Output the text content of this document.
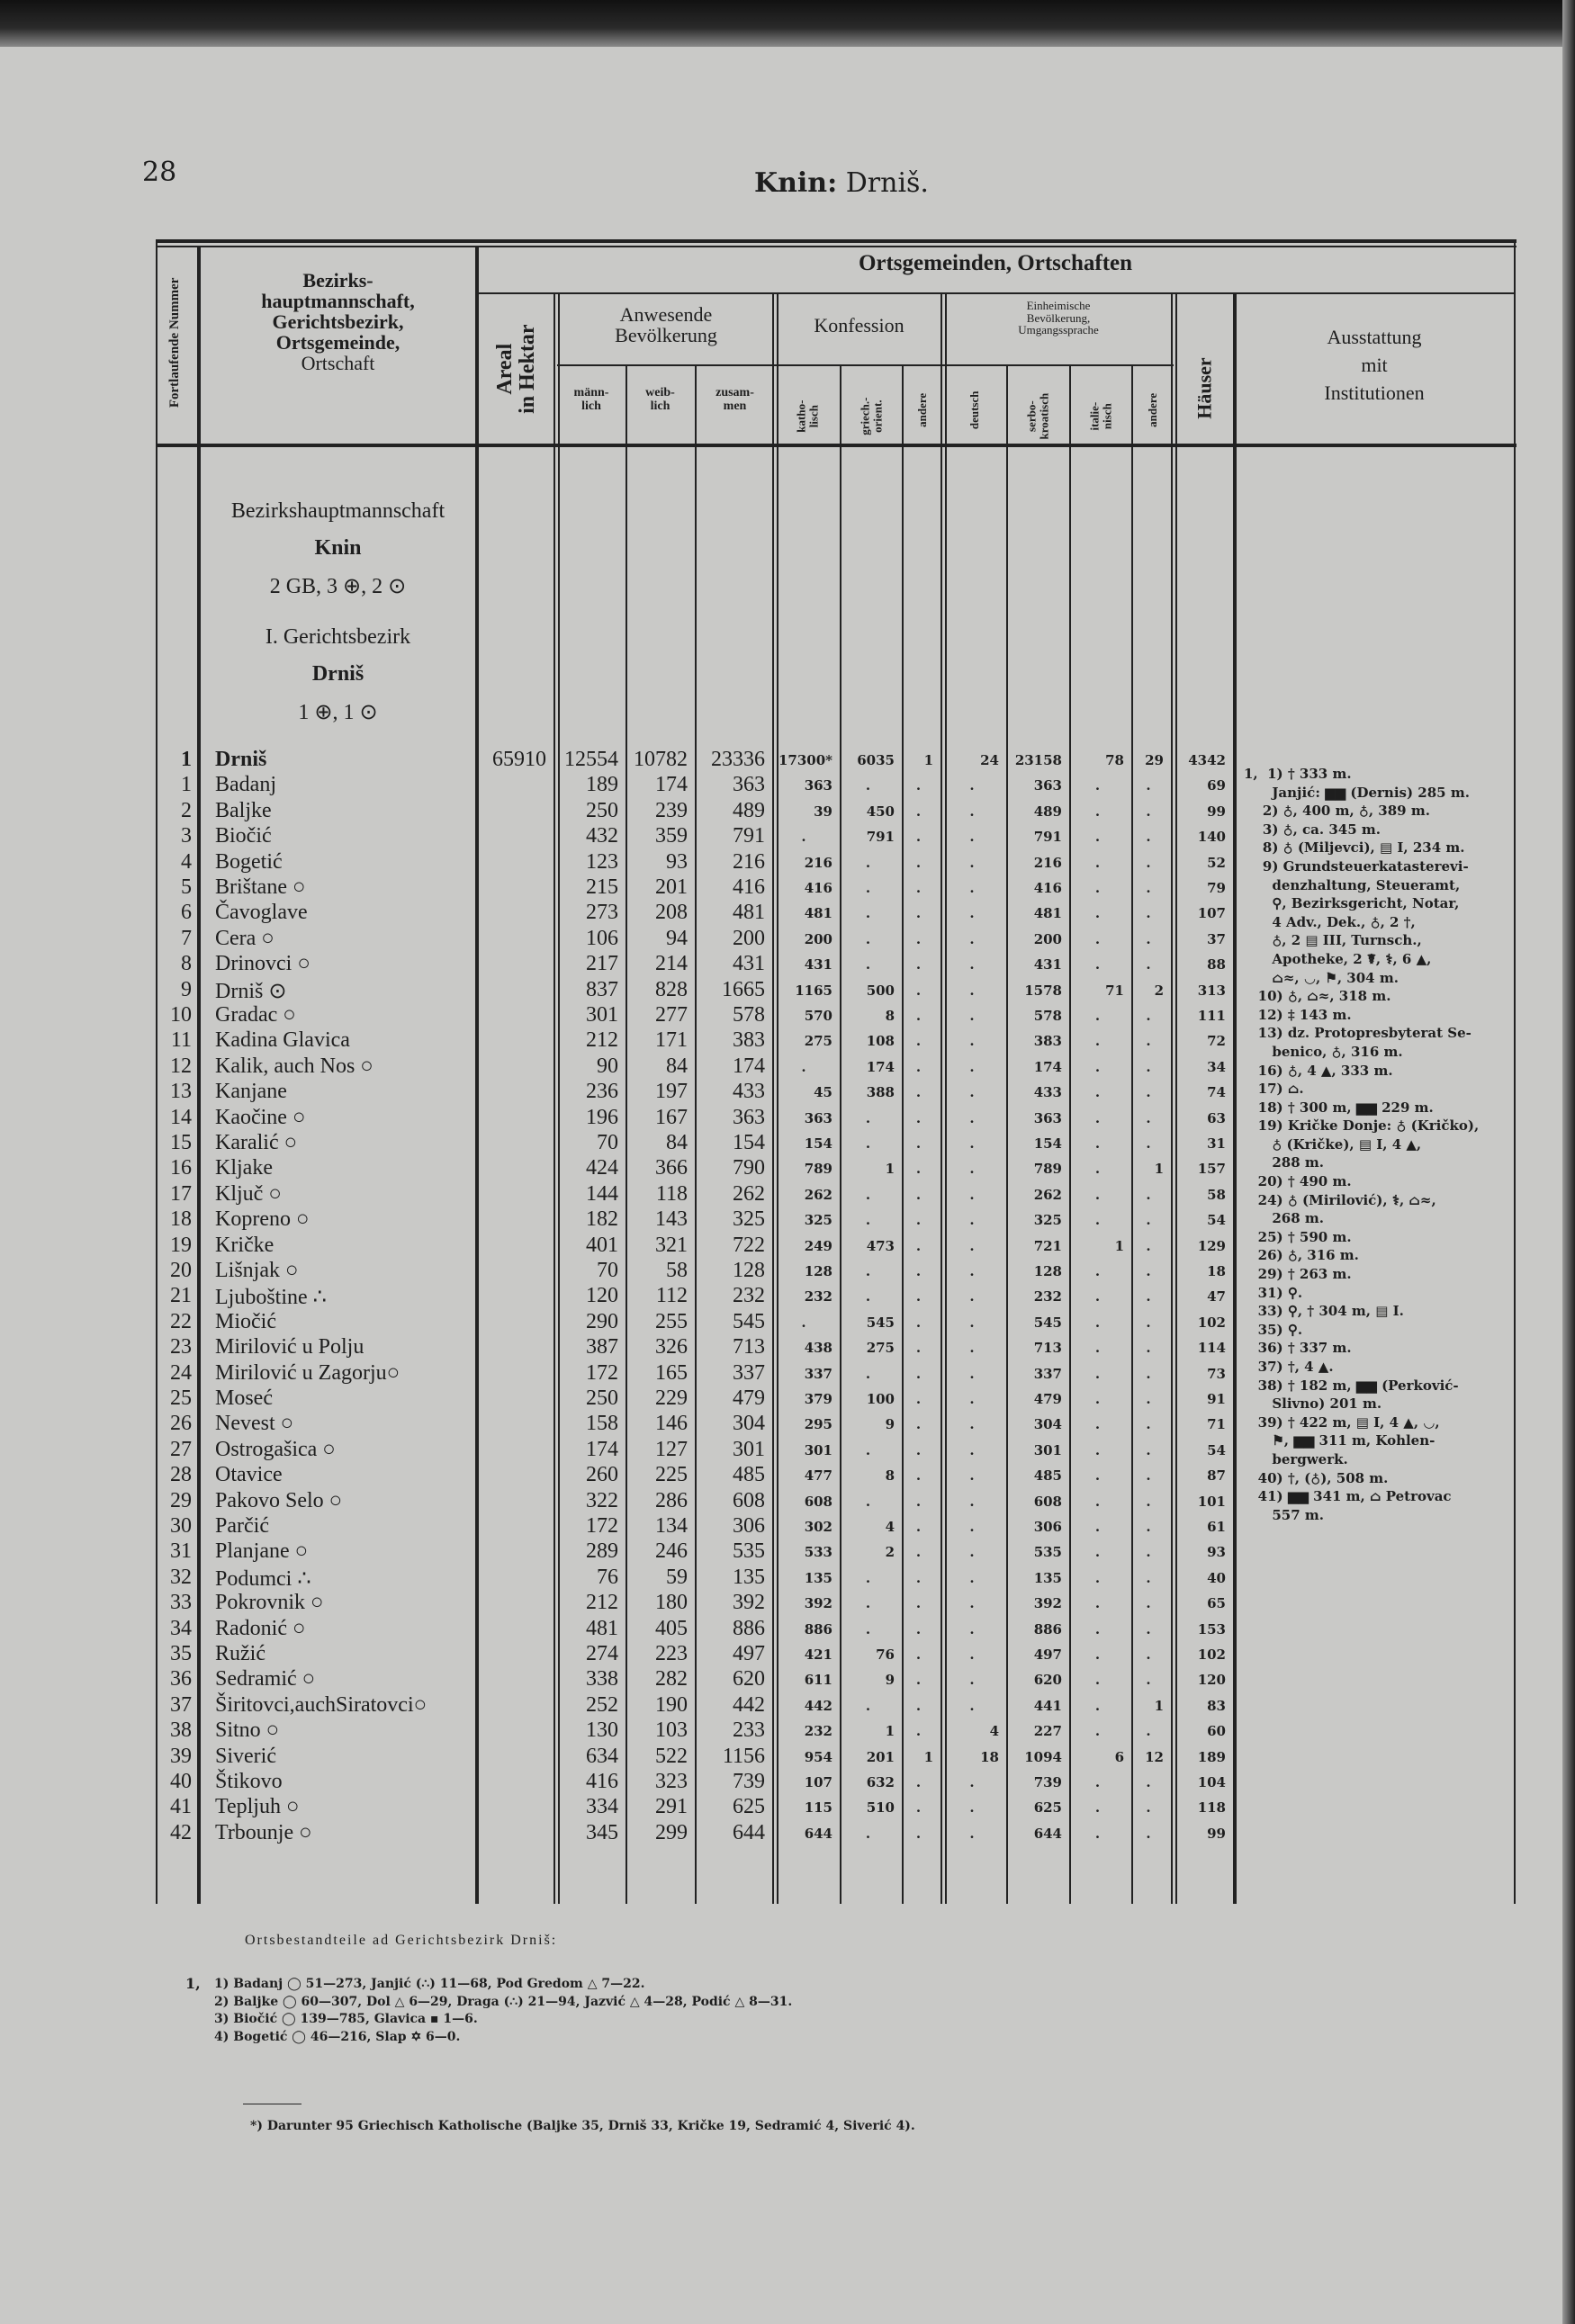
28	Knin: Drniš.
Fortlaufende Nummer	Bezirks-
hauptmannschaft,
Gerichtsbezirk,
Ortsgemeinde,
Ortschaft
Ortsgemeinden, Ortschaften
Areal in Hektar
Anwesende
Bevölkerung	Konfession
Einheimische
Bevölkerung,
Umgangssprache
Häuser
Ausstattung
mit
Institutionen
männ-
lich
weib-
lich
zusam-
men	katho-
lisch	griech.-
orient.	andere	deutsch	serbo-
kroatisch	italie-
nisch	andere
Bezirkshauptmannschaft
Knin
2 GB, 3 ⊕, 2 ⊙
I. Gerichtsbezirk
Drniš
1 ⊕, 1 ⊙
1 Drniš	65910 12554 10782	23336 17300*	6035	1	24	23158	78	29	4342
1 Badanj	189	174	363	363	.	.	.	363	.	.	69
2 Baljke	250	239	489	39	450	.	.	489	.	.	99
3 Biočić	432	359	791	.	791	.	.	791	.	.	140
4 Bogetić	123	93	216	216	.	.	.	216	.	.	52
5 Brištane ○	215	201	416	416	.	.	.	416	.	.	79
6 Čavoglave	273	208	481	481	.	.	.	481	.	.	107
7 Cera ○	106	94	200	200	.	.	.	200	.	.	37
8 Drinovci ○	217	214	431	431	.	.	.	431	.	.	88
9 Drniš ⊙	837	828	1665	1165	500	.	.	1578	71	2	313
10 Gradac ○	301	277	578	570	8	.	.	578	.	.	111
11 Kadina Glavica	212	171	383	275	108	.	.	383	.	.	72
12 Kalik, auch Nos ○	90	84	174	.	174	.	.	174	.	.	34
13 Kanjane	236	197	433	45	388	.	.	433	.	.	74
14 Kaočine ○	196	167	363	363	.	.	.	363	.	.	63
15 Karalić ○	70	84	154	154	.	.	.	154	.	.	31
16 Kljake	424	366	790	789	1	.	.	789	.	1	157
17 Ključ ○	144	118	262	262	.	.	.	262	.	.	58
18 Kopreno ○	182	143	325	325	.	.	.	325	.	.	54
19 Kričke	401	321	722	249	473	.	.	721	1	.	129
20 Lišnjak ○	70	58	128	128	.	.	.	128	.	.	18
21 Ljuboštine ∴	120	112	232	232	.	.	.	232	.	.	47
22 Miočić	290	255	545	.	545	.	.	545	.	.	102
23 Mirilović u Polju	387	326	713	438	275	.	.	713	.	.	114
24 Mirilović u Zagorju○	172	165	337	337	.	.	.	337	.	.	73
25 Moseć	250	229	479	379	100	.	.	479	.	.	91
26 Nevest ○	158	146	304	295	9	.	.	304	.	.	71
27 Ostrogašica ○	174	127	301	301	.	.	.	301	.	.	54
28 Otavice	260	225	485	477	8	.	.	485	.	.	87
29 Pakovo Selo ○	322	286	608	608	.	.	.	608	.	.	101
30 Parčić	172	134	306	302	4	.	.	306	.	.	61
31 Planjane ○	289	246	535	533	2	.	.	535	.	.	93
32 Podumci ∴	76	59	135	135	.	.	.	135	.	.	40
33 Pokrovnik ○	212	180	392	392	.	.	.	392	.	.	65
34 Radonić ○	481	405	886	886	.	.	.	886	.	.	153
35 Ružić	274	223	497	421	76	.	.	497	.	.	102
36 Sedramić ○	338	282	620	611	9	.	.	620	.	.	120
37 Širitovci,auchSiratovci○	252	190	442	442	.	.	.	441	.	1	83
38 Sitno ○	130	103	233	232	1	.	4	227	.	.	60
39 Siverić	634	522	1156	954	201	1	18	1094	6	12	189
40 Štikovo	416	323	739	107	632	.	.	739	.	.	104
41 Tepljuh ○	334	291	625	115	510	.	.	625	.	.	118
42 Trbounje ○	345	299	644	644	.	.	.	644	.	.	99
1,  1) † 333 m.
Janjić: ▆▆ (Dernis) 285 m.
2) ♁, 400 m, ♁, 389 m.
3) ♁, ca. 345 m.
8) ♁ (Miljevci), ▤ I, 234 m.
9) Grundsteuerkatasterevi-
denzhaltung, Steueramt,
⚲, Bezirksgericht, Notar,
4 Adv., Dek., ♁, 2 †,
♁, 2 ▤ III, Turnsch.,
Apotheke, 2 ☤, ⚕, 6 ▲,
⌂≈, ◡, ⚑, 304 m.
10) ♁, ⌂≈, 318 m.
12) ‡ 143 m.
13) dz. Protopresbyterat Se-
benico, ♁, 316 m.
16) ♁, 4 ▲, 333 m.
17) ⌂.
18) † 300 m, ▆▆ 229 m.
19) Kričke Donje: ♁ (Kričko),
♁ (Kričke), ▤ I, 4 ▲,
288 m.
20) † 490 m.
24) ♁ (Mirilović), ⚕, ⌂≈,
268 m.
25) † 590 m.
26) ♁, 316 m.
29) † 263 m.
31) ⚲.
33) ⚲, † 304 m, ▤ I.
35) ⚲.
36) † 337 m.
37) †, 4 ▲.
38) † 182 m, ▆▆ (Perković-
Slivno) 201 m.
39) † 422 m, ▤ I, 4 ▲, ◡,
⚑, ▆▆ 311 m, Kohlen-
bergwerk.
40) †, (♁), 508 m.
41) ▆▆ 341 m, ⌂ Petrovac
557 m.
Ortsbestandteile ad Gerichtsbezirk Drniš:
1, 1) Badanj ◯ 51—273, Janjić (∴) 11—68, Pod Gredom △ 7—22.
2) Baljke ◯ 60—307, Dol △ 6—29, Draga (∴) 21—94, Jazvić △ 4—28, Podić △ 8—31.
3) Biočić ◯ 139—785, Glavica ▪ 1—6.
4) Bogetić ◯ 46—216, Slap ✡ 6—0.
*) Darunter 95 Griechisch Katholische (Baljke 35, Drniš 33, Kričke 19, Sedramić 4, Siverić 4).
